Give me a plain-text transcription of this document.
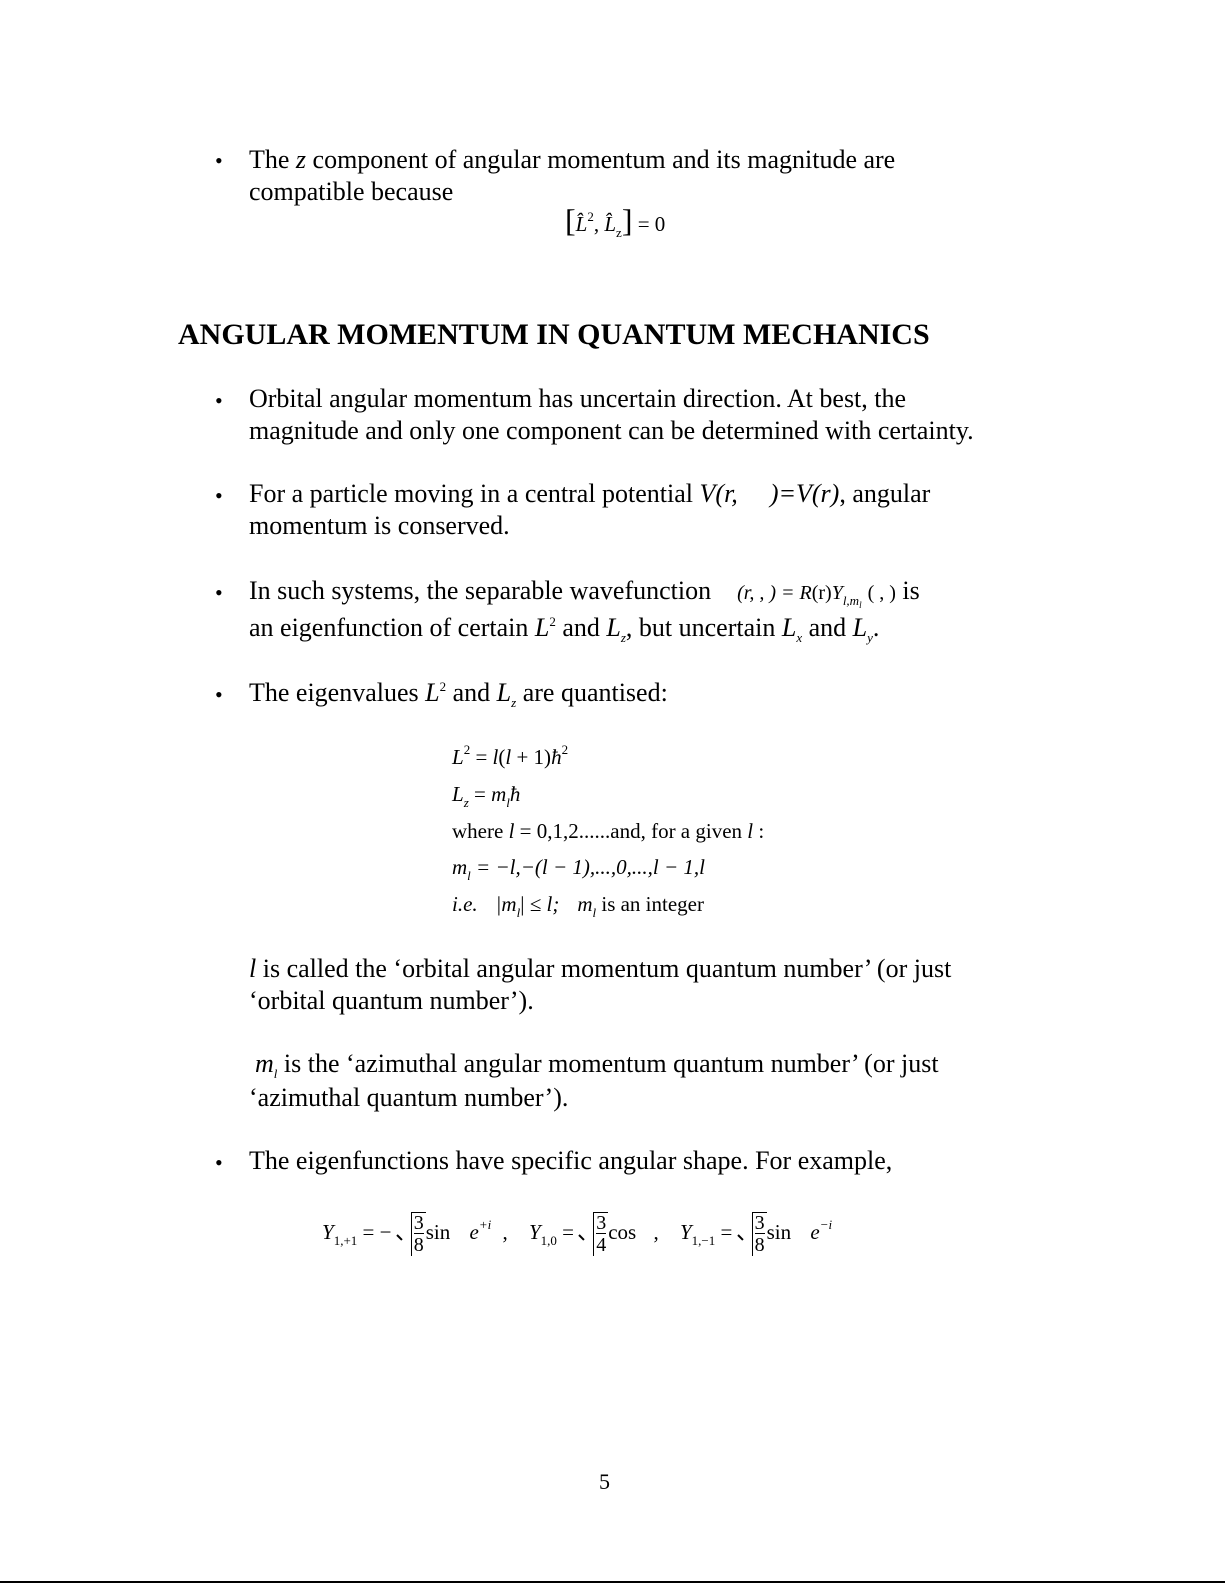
• The z component of angular momentum and its magnitude are
compatible because
[L̂$^2$, $L̂_z] = 0$
ANGULAR MOMENTUM IN QUANTUM MECHANICS
• Orbital angular momentum has uncertain direction. At best, the
magnitude and only one component can be determined with certainty.
• For a particle moving in a central potential V(r, )=V(r), angular
momentum is conserved.
• In such systems, the separable wavefunction (r, , ) = $R(r)Y_{l,ml}$( , ) is
an eigenfunction of certain $L^2$ and $L_z$, but uncertain $L_x$ and $L_y$.
• The eigenvalues $L^2$ and $L_z$ are quantised:
$L^2 = l(l$ + $1)ħ^2$
$L_z$ = $m_lħ$
where l = 0,1,2......and, for a given l :
$m_l = -l,-(l - 1),...,0,...,l - 1,l$
i.e. $|m_l| \le l$; $m_l$ is an integer
l is called the ‘orbital angular momentum quantum number’ (or just
‘orbital quantum number’).
$m_l$ is the ‘azimuthal angular momentum quantum number’ (or just
‘azimuthal quantum number’).
• The eigenfunctions have specific angular shape. For example,
$Y_{1,+1}$ = − $\frac{3}{8}$ $\sin e^{+i}$ , $Y_{1,0} = \frac{3}{4}$ cos , $Y_{1,-1} = \frac{3}{8}$ $\sin e^{-i}$
5
